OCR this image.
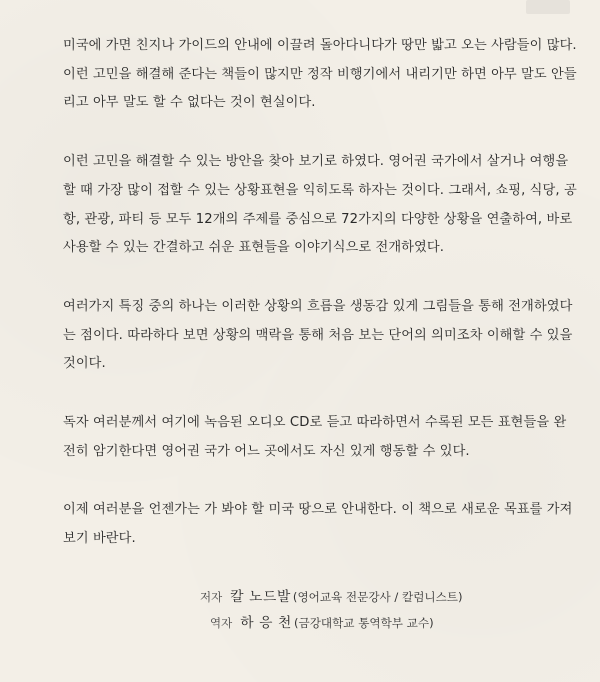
미국에 가면 친지나 가이드의 안내에 이끌려 돌아다니다가 땅만 밟고 오는 사람들이 많다.
이런 고민을 해결해 준다는 책들이 많지만 정작 비행기에서 내리기만 하면 아무 말도 안들
리고 아무 말도 할 수 없다는 것이 현실이다.

이런 고민을 해결할 수 있는 방안을 찾아 보기로 하였다. 영어권 국가에서 살거나 여행을
할 때 가장 많이 접할 수 있는 상황표현을 익히도록 하자는 것이다. 그래서, 쇼핑, 식당, 공
항, 관광, 파티 등 모두 12개의 주제를 중심으로 72가지의 다양한 상황을 연출하여, 바로
사용할 수 있는 간결하고 쉬운 표현들을 이야기식으로 전개하였다.

여러가지 특징 중의 하나는 이러한 상황의 흐름을 생동감 있게 그림들을 통해 전개하였다
는 점이다. 따라하다 보면 상황의 맥락을 통해 처음 보는 단어의 의미조차 이해할 수 있을
것이다.

독자 여러분께서 여기에 녹음된 오디오 CD로 듣고 따라하면서 수록된 모든 표현들을 완
전히 암기한다면 영어권 국가 어느 곳에서도 자신 있게 행동할 수 있다.

이제 여러분을 언젠가는 가 봐야 할 미국 땅으로 안내한다. 이 책으로 새로운 목표를 가져
보기 바란다.

저자 칼 노드발 (영어교육 전문강사 / 칼럼니스트)
역자 하 응 천 (금강대학교 통역학부 교수)
